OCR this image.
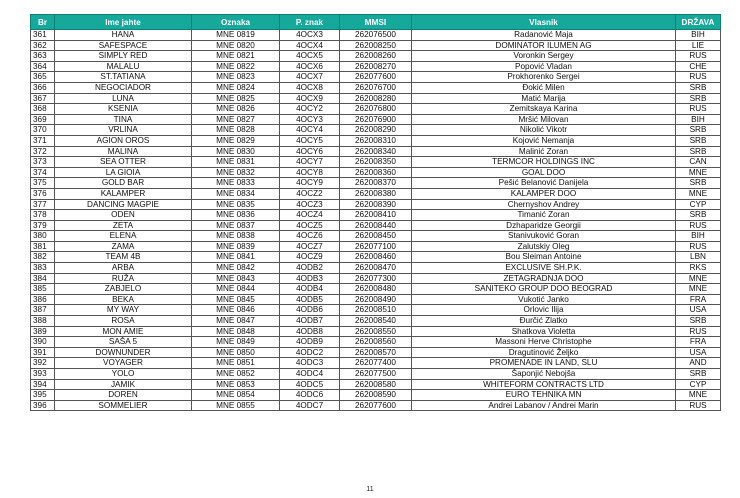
Br	Ime jahte	Oznaka	P. znak	MMSI	Vlasnik	DRŽAVA
361	HANA	MNE 0819	4OCX3	262076500	Radanović Maja	BIH
362	SAFESPACE	MNE 0820	4OCX4	262008250	DOMINATOR ILUMEN AG	LIE
363	SIMPLY RED	MNE 0821	4OCX5	262008260	Voronkin Sergey	RUS
364	MALALU	MNE 0822	4OCX6	262008270	Popović Vladan	CHE
365	ST.TATIANA	MNE 0823	4OCX7	262077600	Prokhorenko Sergei	RUS
366	NEGOCIADOR	MNE 0824	4OCX8	262076700	Đokić Milen	SRB
367	LUNA	MNE 0825	4OCX9	262008280	Matić Marija	SRB
368	KSENIA	MNE 0826	4OCY2	262076800	Zemitskaya Karina	RUS
369	TINA	MNE 0827	4OCY3	262076900	Mršić Milovan	BIH
370	VRLINA	MNE 0828	4OCY4	262008290	Nikolić Vikotr	SRB
371	AGION OROS	MNE 0829	4OCY5	262008310	Kojović Nemanja	SRB
372	MALINA	MNE 0830	4OCY6	262008340	Malinić Zoran	SRB
373	SEA OTTER	MNE 0831	4OCY7	262008350	TERMCOR HOLDINGS INC	CAN
374	LA GIOIA	MNE 0832	4OCY8	262008360	GOAL DOO	MNE
375	GOLD BAR	MNE 0833	4OCY9	262008370	Pešić Belanović Danijela	SRB
376	KALAMPER	MNE 0834	4OCZ2	262008380	KALAMPER DOO	MNE
377	DANCING MAGPIE	MNE 0835	4OCZ3	262008390	Chernyshov Andrey	CYP
378	ODEN	MNE 0836	4OCZ4	262008410	Timanić Zoran	SRB
379	ZETA	MNE 0837	4OCZ5	262008440	Dzhaparidze Georgii	RUS
380	ELENA	MNE 0838	4OCZ6	262008450	Stanivuković Goran	BIH
381	ZAMA	MNE 0839	4OCZ7	262077100	Zalutskiy Oleg	RUS
382	TEAM 4B	MNE 0841	4OCZ9	262008460	Bou Sleiman Antoine	LBN
383	ARBA	MNE 0842	4ODB2	262008470	EXCLUSIVE SH.P.K.	RKS
384	RUŽA	MNE 0843	4ODB3	262077300	ZETAGRADNJA DOO	MNE
385	ZABJELO	MNE 0844	4ODB4	262008480	SANITEKO GROUP DOO BEOGRAD	MNE
386	BEKA	MNE 0845	4ODB5	262008490	Vukotić Janko	FRA
387	MY WAY	MNE 0846	4ODB6	262008510	Orlovic Ilija	USA
388	ROSA	MNE 0847	4ODB7	262008540	Đurčić Zlatko	SRB
389	MON AMIE	MNE 0848	4ODB8	262008550	Shatkova Violetta	RUS
390	SAŠA 5	MNE 0849	4ODB9	262008560	Massoni Herve Christophe	FRA
391	DOWNUNDER	MNE 0850	4ODC2	262008570	Dragutinović Željko	USA
392	VOYAGER	MNE 0851	4ODC3	262077400	PROMENADE IN LAND, SLU	AND
393	YOLO	MNE 0852	4ODC4	262077500	Šaponjić Nebojša	SRB
394	JAMIK	MNE 0853	4ODC5	262008580	WHITEFORM CONTRACTS LTD	CYP
395	DOREN	MNE 0854	4ODC6	262008590	EURO TEHNIKA MN	MNE
396	SOMMELIER	MNE 0855	4ODC7	262077600	Andrei Labanov / Andrei Marin	RUS
11
